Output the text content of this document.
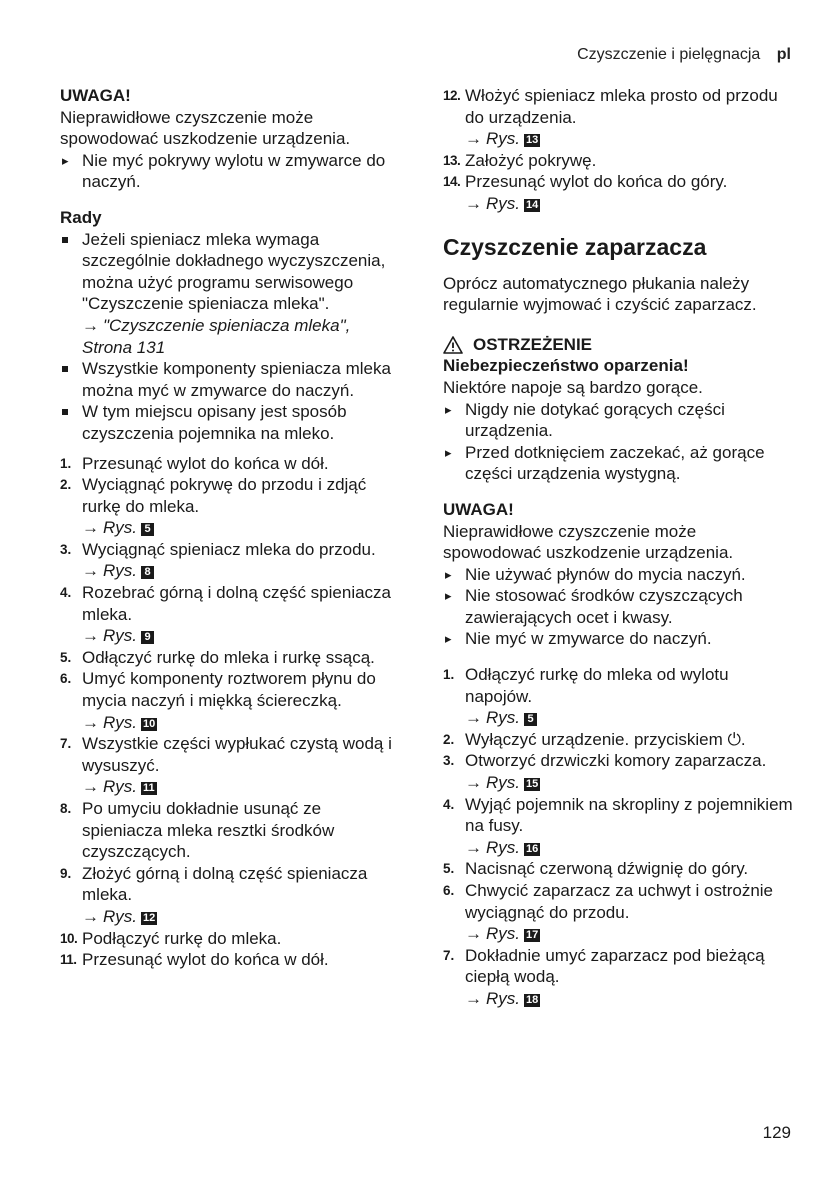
Czyszczenie i pielęgnacja pl
UWAGA!

Nieprawidłowe czyszczenie może spowodować uszkodzenie urządzenia.

▸ Nie myć pokrywy wylotu w zmywarce do naczyń.

Rady
Jeżeli spieniacz mleka wymaga szczególnie dokładnego wyczyszczenia, można użyć programu serwisowego "Czyszczenie spieniacza mleka".
→ "Czyszczenie spieniacza mleka", Strona 131
Wszystkie komponenty spieniacza mleka można myć w zmywarce do naczyń.
W tym miejscu opisany jest sposób czyszczenia pojemnika na mleko.
1. Przesunąć wylot do końca w dół.
2. Wyciągnąć pokrywę do przodu i zdjąć rurkę do mleka.
→ Rys. 5
3. Wyciągnąć spieniacz mleka do przodu.
→ Rys. 8
4. Rozebrać górną i dolną część spieniacza mleka.
→ Rys. 9
5. Odłączyć rurkę do mleka i rurkę ssącą.
6. Umyć komponenty roztworem płynu do mycia naczyń i miękką ściereczką.
→ Rys. 10
7. Wszystkie części wypłukać czystą wodą i wysuszyć.
→ Rys. 11
8. Po umyciu dokładnie usunąć ze spieniacza mleka resztki środków czyszczących.
9. Złożyć górną i dolną część spieniacza mleka.
→ Rys. 12
10. Podłączyć rurkę do mleka.
11. Przesunąć wylot do końca w dół.
12. Włożyć spieniacz mleka prosto od przodu do urządzenia.
→ Rys. 13
13. Założyć pokrywę.
14. Przesunąć wylot do końca do góry.
→ Rys. 14
Czyszczenie zaparzacza

Oprócz automatycznego płukania należy regularnie wyjmować i czyścić zaparzacz.

OSTRZEŻENIE
Niebezpieczeństwo oparzenia!

Niektóre napoje są bardzo gorące.

▸ Nigdy nie dotykać gorących części urządzenia.

▸ Przed dotknięciem zaczekać, aż gorące części urządzenia wystygną.

UWAGA!

Nieprawidłowe czyszczenie może spowodować uszkodzenie urządzenia.

▸ Nie używać płynów do mycia naczyń.

▸ Nie stosować środków czyszczących zawierających ocet i kwasy.

▸ Nie myć w zmywarce do naczyń.

1. Odłączyć rurkę do mleka od wylotu napojów.
→ Rys. 5
2. Wyłączyć urządzenie. przyciskiem ⏻.
3. Otworzyć drzwiczki komory zaparzacza.
→ Rys. 15
4. Wyjąć pojemnik na skropliny z pojemnikiem na fusy.
→ Rys. 16
5. Nacisnąć czerwoną dźwignię do góry.
6. Chwycić zaparzacz za uchwyt i ostrożnie wyciągnąć do przodu.
→ Rys. 17
7. Dokładnie umyć zaparzacz pod bieżącą ciepłą wodą.
→ Rys. 18
129
